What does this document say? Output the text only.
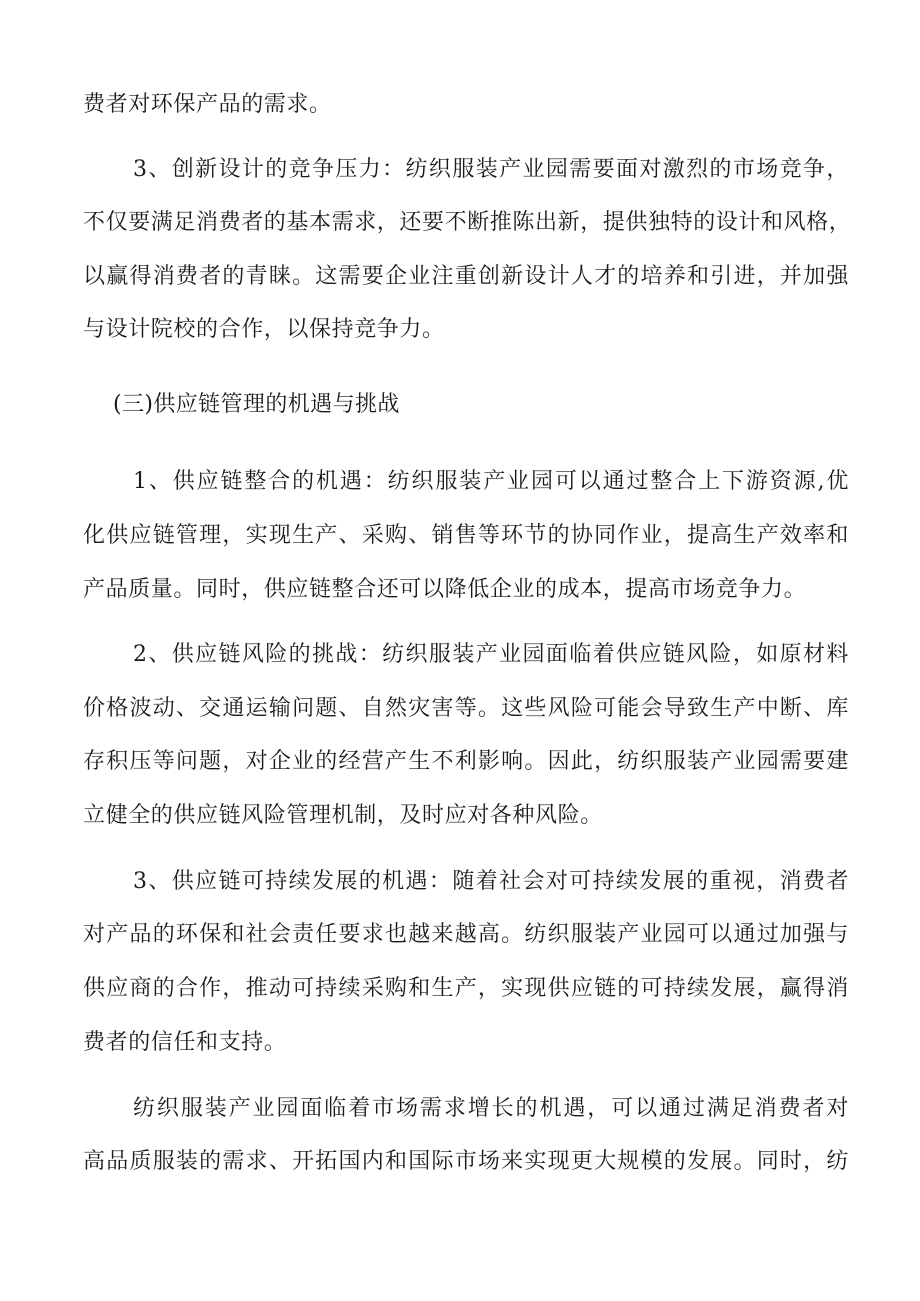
费者对环保产品的需求。
3、创新设计的竞争压力：纺织服装产业园需要面对激烈的市场竞争，
不仅要满足消费者的基本需求，还要不断推陈出新，提供独特的设计和风格，
以赢得消费者的青睐。这需要企业注重创新设计人才的培养和引进，并加强
与设计院校的合作，以保持竞争力。
(三)供应链管理的机遇与挑战
1、供应链整合的机遇：纺织服装产业园可以通过整合上下游资源,优
化供应链管理，实现生产、采购、销售等环节的协同作业，提高生产效率和
产品质量。同时，供应链整合还可以降低企业的成本，提高市场竞争力。
2、供应链风险的挑战：纺织服装产业园面临着供应链风险，如原材料
价格波动、交通运输问题、自然灾害等。这些风险可能会导致生产中断、库
存积压等问题，对企业的经营产生不利影响。因此，纺织服装产业园需要建
立健全的供应链风险管理机制，及时应对各种风险。
3、供应链可持续发展的机遇：随着社会对可持续发展的重视，消费者
对产品的环保和社会责任要求也越来越高。纺织服装产业园可以通过加强与
供应商的合作，推动可持续采购和生产，实现供应链的可持续发展，赢得消
费者的信任和支持。
纺织服装产业园面临着市场需求增长的机遇，可以通过满足消费者对
高品质服装的需求、开拓国内和国际市场来实现更大规模的发展。同时，纺
